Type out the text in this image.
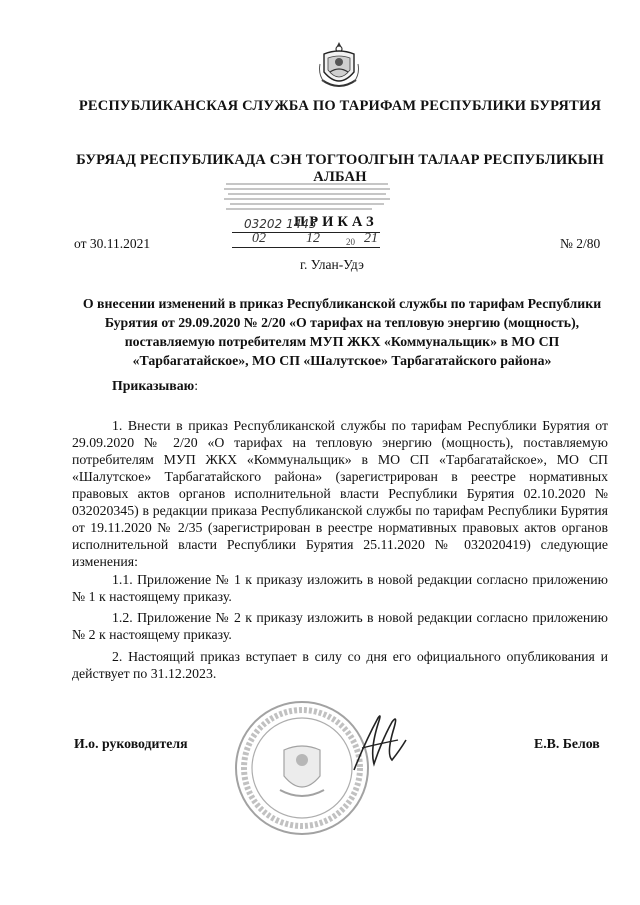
РЕСПУБЛИКАНСКАЯ СЛУЖБА ПО ТАРИФАМ РЕСПУБЛИКИ БУРЯТИЯ
БУРЯАД РЕСПУБЛИКАДА СЭН ТОГТООЛГЫН ТАЛААР РЕСПУБЛИКЫН АЛБАН
ПРИКАЗ
03202 1445
02	12	20 21
от 30.11.2021	№ 2/80
г. Улан-Удэ
О внесении изменений в приказ Республиканской службы по тарифам Республики Бурятия от 29.09.2020 № 2/20 «О тарифах на тепловую энергию (мощность), поставляемую потребителям МУП ЖКХ «Коммунальщик» в МО СП «Тарбагатайское», МО СП «Шалутское» Тарбагатайского района»
Приказываю:
1. Внести в приказ Республиканской службы по тарифам Республики Бурятия от 29.09.2020 № 2/20 «О тарифах на тепловую энергию (мощность), поставляемую потребителям МУП ЖКХ «Коммунальщик» в МО СП «Тарбагатайское», МО СП «Шалутское» Тарбагатайского района» (зарегистрирован в реестре нормативных правовых актов органов исполнительной власти Республики Бурятия 02.10.2020 № 032020345) в редакции приказа Республиканской службы по тарифам Республики Бурятия от 19.11.2020 № 2/35 (зарегистрирован в реестре нормативных правовых актов органов исполнительной власти Республики Бурятия 25.11.2020 № 032020419) следующие изменения:
1.1. Приложение № 1 к приказу изложить в новой редакции согласно приложению № 1 к настоящему приказу.
1.2. Приложение № 2 к приказу изложить в новой редакции согласно приложению № 2 к настоящему приказу.
2. Настоящий приказ вступает в силу со дня его официального опубликования и действует по 31.12.2023.
И.о. руководителя	Е.В. Белов
